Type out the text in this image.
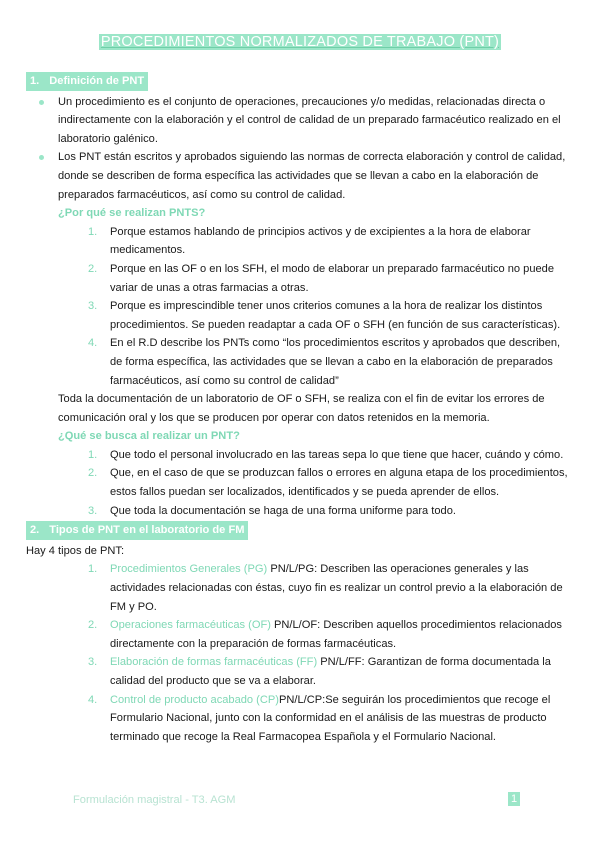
PROCEDIMIENTOS NORMALIZADOS DE TRABAJO (PNT)
1. Definición de PNT
Un procedimiento es el conjunto de operaciones, precauciones y/o medidas, relacionadas directa o indirectamente con la elaboración y el control de calidad de un preparado farmacéutico realizado en el laboratorio galénico.
Los PNT están escritos y aprobados siguiendo las normas de correcta elaboración y control de calidad, donde se describen de forma específica las actividades que se llevan a cabo en la elaboración de preparados farmacéuticos, así como su control de calidad.
¿Por qué se realizan PNTS?
1. Porque estamos hablando de principios activos y de excipientes a la hora de elaborar medicamentos.
2. Porque en las OF o en los SFH, el modo de elaborar un preparado farmacéutico no puede variar de unas a otras farmacias a otras.
3. Porque es imprescindible tener unos criterios comunes a la hora de realizar los distintos procedimientos. Se pueden readaptar a cada OF o SFH (en función de sus características).
4. En el R.D describe los PNTs como “los procedimientos escritos y aprobados que describen, de forma específica, las actividades que se llevan a cabo en la elaboración de preparados farmacéuticos, así como su control de calidad”
Toda la documentación de un laboratorio de OF o SFH, se realiza con el fin de evitar los errores de comunicación oral y los que se producen por operar con datos retenidos en la memoria.
¿Qué se busca al realizar un PNT?
1. Que todo el personal involucrado en las tareas sepa lo que tiene que hacer, cuándo y cómo.
2. Que, en el caso de que se produzcan fallos o errores en alguna etapa de los procedimientos, estos fallos puedan ser localizados, identificados y se pueda aprender de ellos.
3. Que toda la documentación se haga de una forma uniforme para todo.
2. Tipos de PNT en el laboratorio de FM
Hay 4 tipos de PNT:
1. Procedimientos Generales (PG) PN/L/PG: Describen las operaciones generales y las actividades relacionadas con éstas, cuyo fin es realizar un control previo a la elaboración de FM y PO.
2. Operaciones farmacéuticas (OF) PN/L/OF: Describen aquellos procedimientos relacionados directamente con la preparación de formas farmacéuticas.
3. Elaboración de formas farmacéuticas (FF) PN/L/FF: Garantizan de forma documentada la calidad del producto que se va a elaborar.
4. Control de producto acabado (CP)PN/L/CP:Se seguirán los procedimientos que recoge el Formulario Nacional, junto con la conformidad en el análisis de las muestras de producto terminado que recoge la Real Farmacopea Española y el Formulario Nacional.
Formulación magistral - T3. AGM	1
